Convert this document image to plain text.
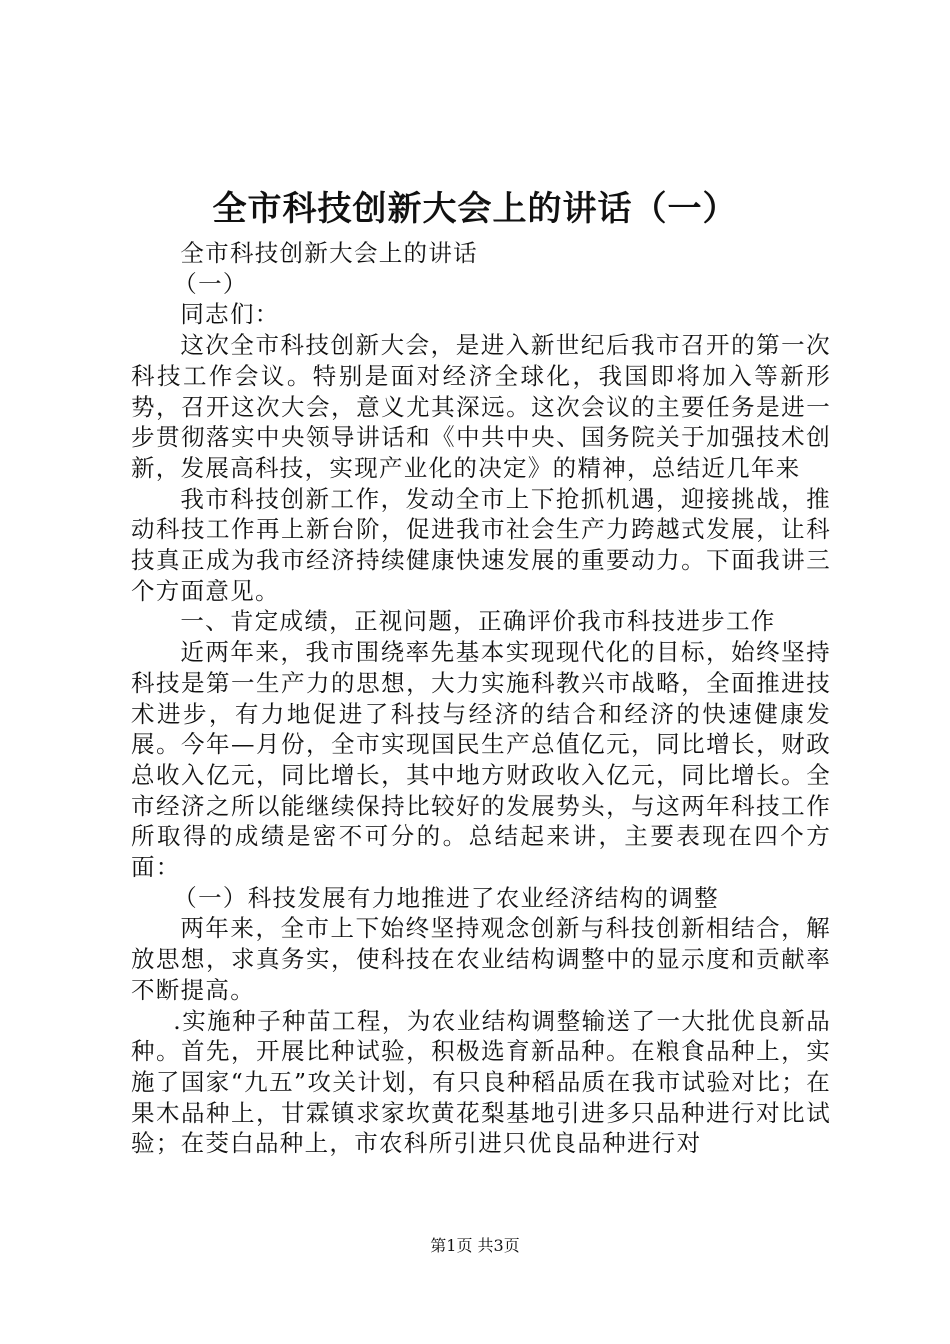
全市科技创新大会上的讲话（一）

全市科技创新大会上的讲话

（一）

同志们：

这次全市科技创新大会，是进入新世纪后我市召开的第一次科技工作会议。特别是面对经济全球化，我国即将加入等新形势，召开这次大会，意义尤其深远。这次会议的主要任务是进一步贯彻落实中央领导讲话和《中共中央、国务院关于加强技术创新，发展高科技，实现产业化的决定》的精神，总结近几年来

我市科技创新工作，发动全市上下抢抓机遇，迎接挑战，推动科技工作再上新台阶，促进我市社会生产力跨越式发展，让科技真正成为我市经济持续健康快速发展的重要动力。下面我讲三个方面意见。

一、肯定成绩，正视问题，正确评价我市科技进步工作

近两年来，我市围绕率先基本实现现代化的目标，始终坚持科技是第一生产力的思想，大力实施科教兴市战略，全面推进技术进步，有力地促进了科技与经济的结合和经济的快速健康发展。今年—月份，全市实现国民生产总值亿元，同比增长，财政总收入亿元，同比增长，其中地方财政收入亿元，同比增长。全市经济之所以能继续保持比较好的发展势头，与这两年科技工作所取得的成绩是密不可分的。总结起来讲，主要表现在四个方面：

（一）科技发展有力地推进了农业经济结构的调整

两年来，全市上下始终坚持观念创新与科技创新相结合，解放思想，求真务实，使科技在农业结构调整中的显示度和贡献率不断提高。

.实施种子种苗工程，为农业结构调整输送了一大批优良新品种。首先，开展比种试验，积极选育新品种。在粮食品种上，实施了国家“九五”攻关计划，有只良种稻品质在我市试验对比；在果木品种上，甘霖镇求家坎黄花梨基地引进多只品种进行对比试验；在茭白品种上，市农科所引进只优良品种进行对

第1页 共3页
